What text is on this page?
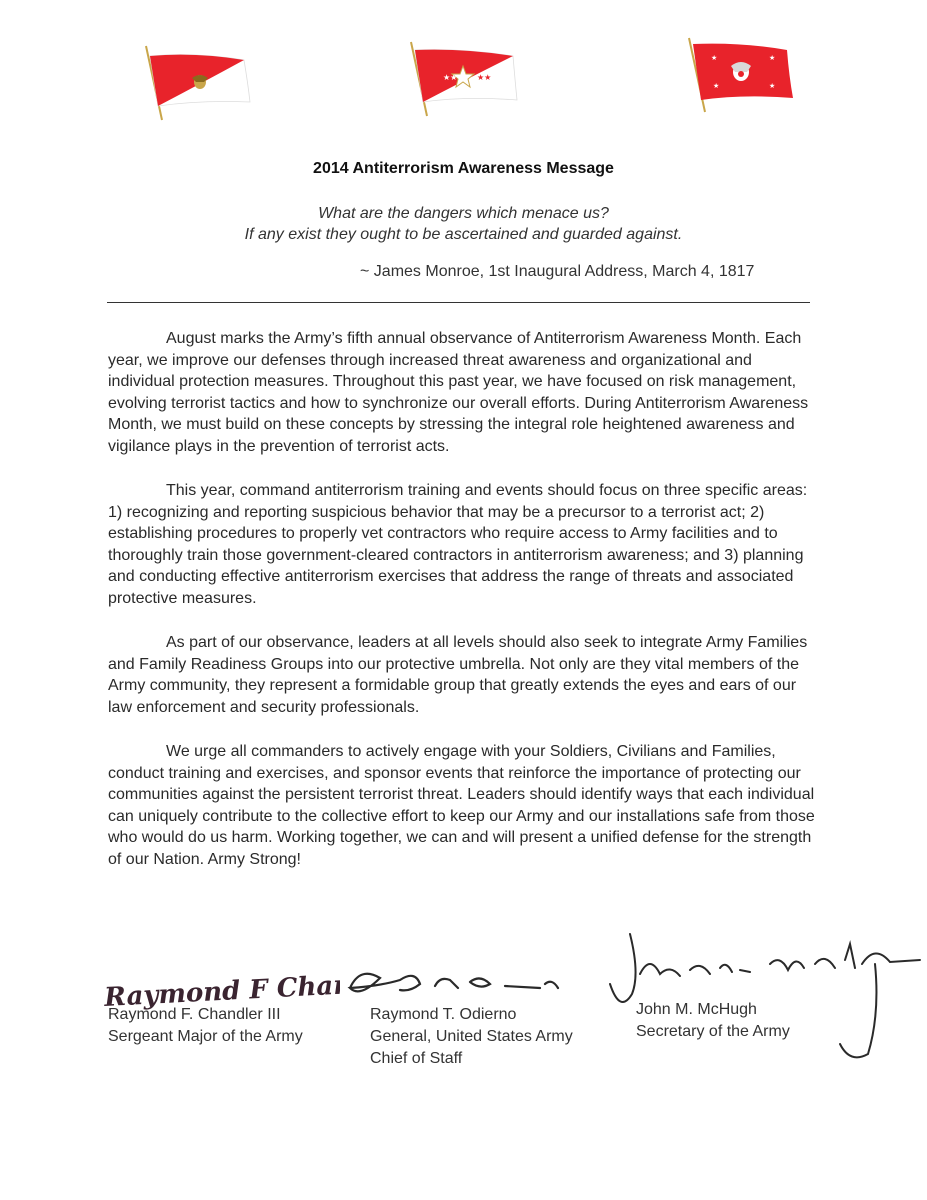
★★ ★★
★	★
★	★
2014 Antiterrorism Awareness Message
What are the dangers which menace us?
If any exist they ought to be ascertained and guarded against.
~ James Monroe, 1st Inaugural Address, March 4, 1817

August marks the Army’s fifth annual observance of Antiterrorism Awareness Month. Each year, we improve our defenses through increased threat awareness and organizational and individual protection measures. Throughout this past year, we have focused on risk management, evolving terrorist tactics and how to synchronize our overall efforts. During Antiterrorism Awareness Month, we must build on these concepts by stressing the integral role heightened awareness and vigilance plays in the prevention of terrorist acts.

This year, command antiterrorism training and events should focus on three specific areas: 1) recognizing and reporting suspicious behavior that may be a precursor to a terrorist act; 2) establishing procedures to properly vet contractors who require access to Army facilities and to thoroughly train those government-cleared contractors in antiterrorism awareness; and 3) planning and conducting effective antiterrorism exercises that address the range of threats and associated protective measures.

As part of our observance, leaders at all levels should also seek to integrate Army Families and Family Readiness Groups into our protective umbrella. Not only are they vital members of the Army community, they represent a formidable group that greatly extends the eyes and ears of our law enforcement and security professionals.

We urge all commanders to actively engage with your Soldiers, Civilians and Families, conduct training and exercises, and sponsor events that reinforce the importance of protecting our communities against the persistent terrorist threat. Leaders should identify ways that each individual can uniquely contribute to the collective effort to keep our Army and our installations safe from those who would do us harm. Working together, we can and will present a unified defense for the strength of our Nation. Army Strong!

Raymond F Chandler
Raymond F. Chandler III
Sergeant Major of the Army
Raymond T. Odierno
General, United States Army
Chief of Staff
John M. McHugh
Secretary of the Army
